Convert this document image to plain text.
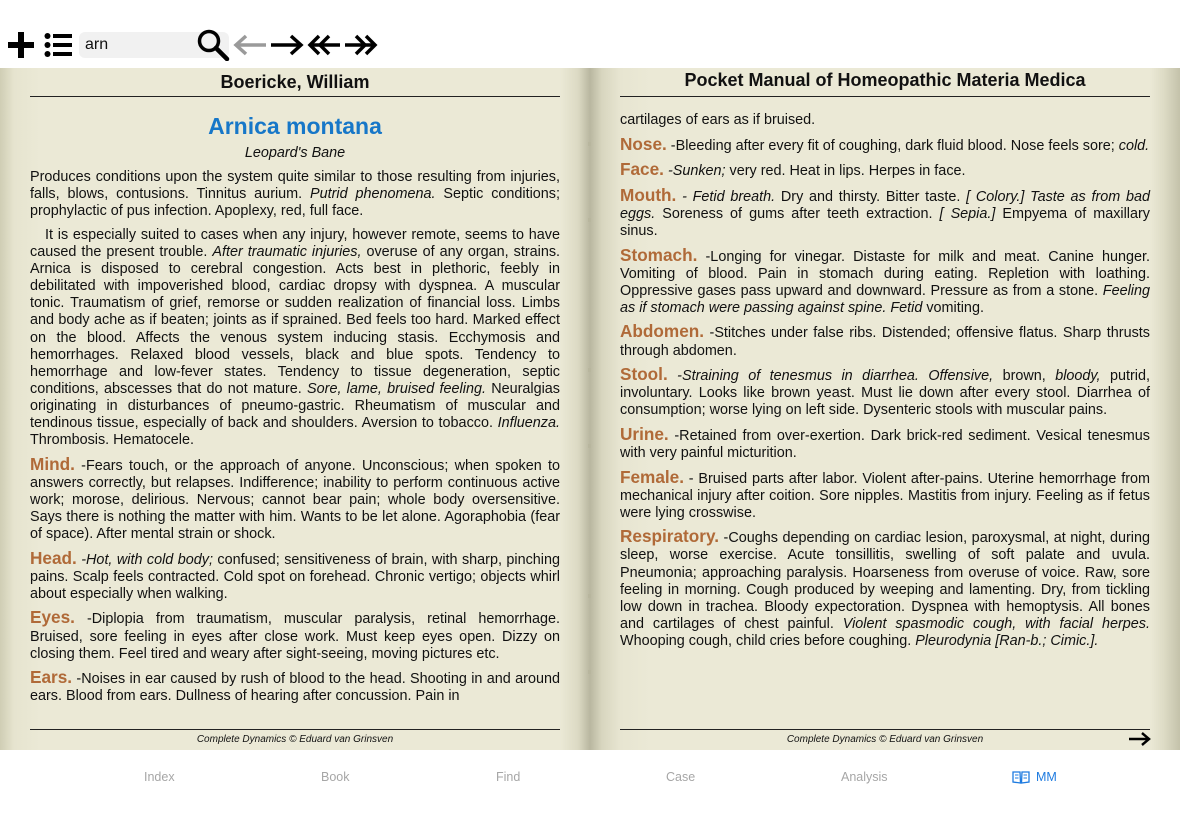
arn
Boericke, William
Arnica montana
Leopard's Bane

Produces conditions upon the system quite similar to those resulting from injuries, falls, blows, contusions. Tinnitus aurium. Putrid phenomena. Septic conditions; prophylactic of pus infection. Apoplexy, red, full face.

It is especially suited to cases when any injury, however remote, seems to have caused the present trouble. After traumatic injuries, overuse of any organ, strains. Arnica is disposed to cerebral congestion. Acts best in plethoric, feebly in debilitated with impoverished blood, cardiac dropsy with dyspnea. A muscular tonic. Traumatism of grief, remorse or sudden realization of financial loss. Limbs and body ache as if beaten; joints as if sprained. Bed feels too hard. Marked effect on the blood. Affects the venous system inducing stasis. Ecchymosis and hemorrhages. Relaxed blood vessels, black and blue spots. Tendency to hemorrhage and low-fever states. Tendency to tissue degeneration, septic conditions, abscesses that do not mature. Sore, lame, bruised feeling. Neuralgias originating in disturbances of pneumo-gastric. Rheumatism of muscular and tendinous tissue, especially of back and shoulders. Aversion to tobacco. Influenza. Thrombosis. Hematocele.

Mind. -Fears touch, or the approach of anyone. Unconscious; when spoken to answers correctly, but relapses. Indifference; inability to perform continuous active work; morose, delirious. Nervous; cannot bear pain; whole body oversensitive. Says there is nothing the matter with him. Wants to be let alone. Agoraphobia (fear of space). After mental strain or shock.

Head. -Hot, with cold body; confused; sensitiveness of brain, with sharp, pinching pains. Scalp feels contracted. Cold spot on forehead. Chronic vertigo; objects whirl about especially when walking.

Eyes. -Diplopia from traumatism, muscular paralysis, retinal hemorrhage. Bruised, sore feeling in eyes after close work. Must keep eyes open. Dizzy on closing them. Feel tired and weary after sight-seeing, moving pictures etc.

Ears. -Noises in ear caused by rush of blood to the head. Shooting in and around ears. Blood from ears. Dullness of hearing after concussion. Pain in

Complete Dynamics © Eduard van Grinsven
Pocket Manual of Homeopathic Materia Medica

cartilages of ears as if bruised.

Nose. -Bleeding after every fit of coughing, dark fluid blood. Nose feels sore; cold.

Face. -Sunken; very red. Heat in lips. Herpes in face.

Mouth. - Fetid breath. Dry and thirsty. Bitter taste. [ Colory.] Taste as from bad eggs. Soreness of gums after teeth extraction. [ Sepia.] Empyema of maxillary sinus.

Stomach. -Longing for vinegar. Distaste for milk and meat. Canine hunger. Vomiting of blood. Pain in stomach during eating. Repletion with loathing. Oppressive gases pass upward and downward. Pressure as from a stone. Feeling as if stomach were passing against spine. Fetid vomiting.

Abdomen. -Stitches under false ribs. Distended; offensive flatus. Sharp thrusts through abdomen.

Stool. -Straining of tenesmus in diarrhea. Offensive, brown, bloody, putrid, involuntary. Looks like brown yeast. Must lie down after every stool. Diarrhea of consumption; worse lying on left side. Dysenteric stools with muscular pains.

Urine. -Retained from over-exertion. Dark brick-red sediment. Vesical tenesmus with very painful micturition.

Female. - Bruised parts after labor. Violent after-pains. Uterine hemorrhage from mechanical injury after coition. Sore nipples. Mastitis from injury. Feeling as if fetus were lying crosswise.

Respiratory. -Coughs depending on cardiac lesion, paroxysmal, at night, during sleep, worse exercise. Acute tonsillitis, swelling of soft palate and uvula. Pneumonia; approaching paralysis. Hoarseness from overuse of voice. Raw, sore feeling in morning. Cough produced by weeping and lamenting. Dry, from tickling low down in trachea. Bloody expectoration. Dyspnea with hemoptysis. All bones and cartilages of chest painful. Violent spasmodic cough, with facial herpes. Whooping cough, child cries before coughing. Pleurodynia [Ran-b.; Cimic.].

Complete Dynamics © Eduard van Grinsven
Index	Book	Find	Case	Analysis	MM
